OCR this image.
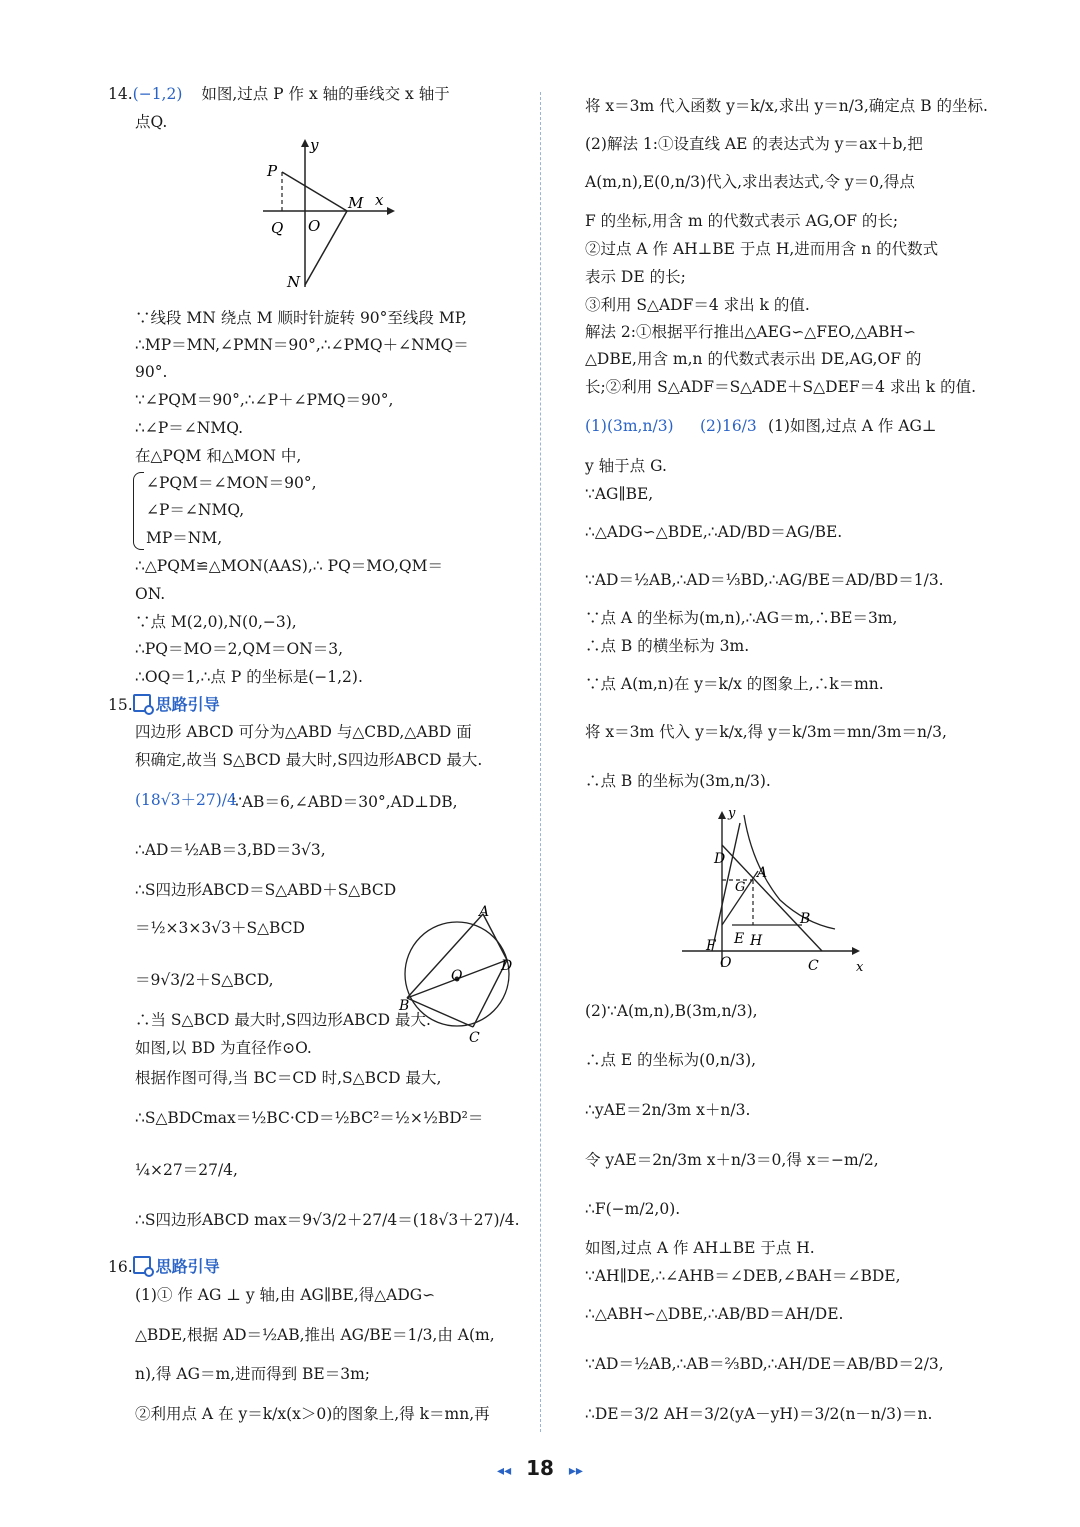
14.(−1,2) 如图,过点 P 作 x 轴的垂线交 x 轴于
点Q.
P
y
M x
Q O
N
∵线段 MN 绕点 M 顺时针旋转 90°至线段 MP,
∴MP＝MN,∠PMN＝90°,∴∠PMQ＋∠NMQ＝
90°.
∵∠PQM＝90°,∴∠P＋∠PMQ＝90°,
∴∠P＝∠NMQ.
在△PQM 和△MON 中,
∠PQM＝∠MON＝90°,
∠P＝∠NMQ,
MP＝NM,
∴△PQM≌△MON(AAS),∴ PQ＝MO,QM＝
ON.
∵点 M(2,0),N(0,−3),
∴PQ＝MO＝2,QM＝ON＝3,
∴OQ＝1,∴点 P 的坐标是(−1,2).
15. 思路引导
四边形 ABCD 可分为△ABD 与△CBD,△ABD 面
积确定,故当 S△BCD 最大时,S四边形ABCD 最大.
(18√3＋27)/4
∵AB＝6,∠ABD＝30°,AD⊥DB,
∴AD＝½AB＝3,BD＝3√3,
∴S四边形ABCD＝S△ABD＋S△BCD
＝½×3×3√3＋S△BCD
＝9√3/2＋S△BCD,
∴当 S△BCD 最大时,S四边形ABCD 最大.
如图,以 BD 为直径作⊙O.
根据作图可得,当 BC＝CD 时,S△BCD 最大,
∴S△BDCmax＝½BC·CD＝½BC²＝½×½BD²＝
¼×27＝27/4,
∴S四边形ABCD max＝9√3/2＋27/4＝(18√3＋27)/4.
A
O
D
B
C
16. 思路引导
(1)① 作 AG ⊥ y 轴,由 AG∥BE,得△ADG∽
△BDE,根据 AD＝½AB,推出 AG/BE＝1/3,由 A(m,
n),得 AG＝m,进而得到 BE＝3m;
②利用点 A 在 y＝k/x(x＞0)的图象上,得 k＝mn,再
将 x＝3m 代入函数 y＝k/x,求出 y＝n/3,确定点 B 的坐标.
(2)解法 1:①设直线 AE 的表达式为 y＝ax＋b,把
A(m,n),E(0,n/3)代入,求出表达式,令 y＝0,得点
F 的坐标,用含 m 的代数式表示 AG,OF 的长;
②过点 A 作 AH⊥BE 于点 H,进而用含 n 的代数式
表示 DE 的长;
③利用 S△ADF＝4 求出 k 的值.
解法 2:①根据平行推出△AEG∽△FEO,△ABH∽
△DBE,用含 m,n 的代数式表示出 DE,AG,OF 的
长;②利用 S△ADF＝S△ADE＋S△DEF＝4 求出 k 的值.
(1)(3m,n/3) (2)16/3 (1)如图,过点 A 作 AG⊥
y 轴于点 G.
∵AG∥BE,
∴△ADG∽△BDE,∴AD/BD＝AG/BE.
∵AD＝½AB,∴AD＝⅓BD,∴AG/BE＝AD/BD＝1/3.
∵点 A 的坐标为(m,n),∴AG＝m,∴BE＝3m,
∴点 B 的横坐标为 3m.
∵点 A(m,n)在 y＝k/x 的图象上,∴k＝mn.
将 x＝3m 代入 y＝k/x,得 y＝k/3m＝mn/3m＝n/3,
∴点 B 的坐标为(3m,n/3).
y
D
A
G
B
F E H
O	C	x
(2)∵A(m,n),B(3m,n/3),
∴点 E 的坐标为(0,n/3),
∴yAE＝2n/3m x＋n/3.
令 yAE＝2n/3m x＋n/3＝0,得 x＝−m/2,
∴F(−m/2,0).
如图,过点 A 作 AH⊥BE 于点 H.
∵AH∥DE,∴∠AHB＝∠DEB,∠BAH＝∠BDE,
∴△ABH∽△DBE,∴AB/BD＝AH/DE.
∵AD＝½AB,∴AB＝⅔BD,∴AH/DE＝AB/BD＝2/3,
∴DE＝3/2 AH＝3/2(yA－yH)＝3/2(n－n/3)＝n.
◂◂ 18 ▸▸
